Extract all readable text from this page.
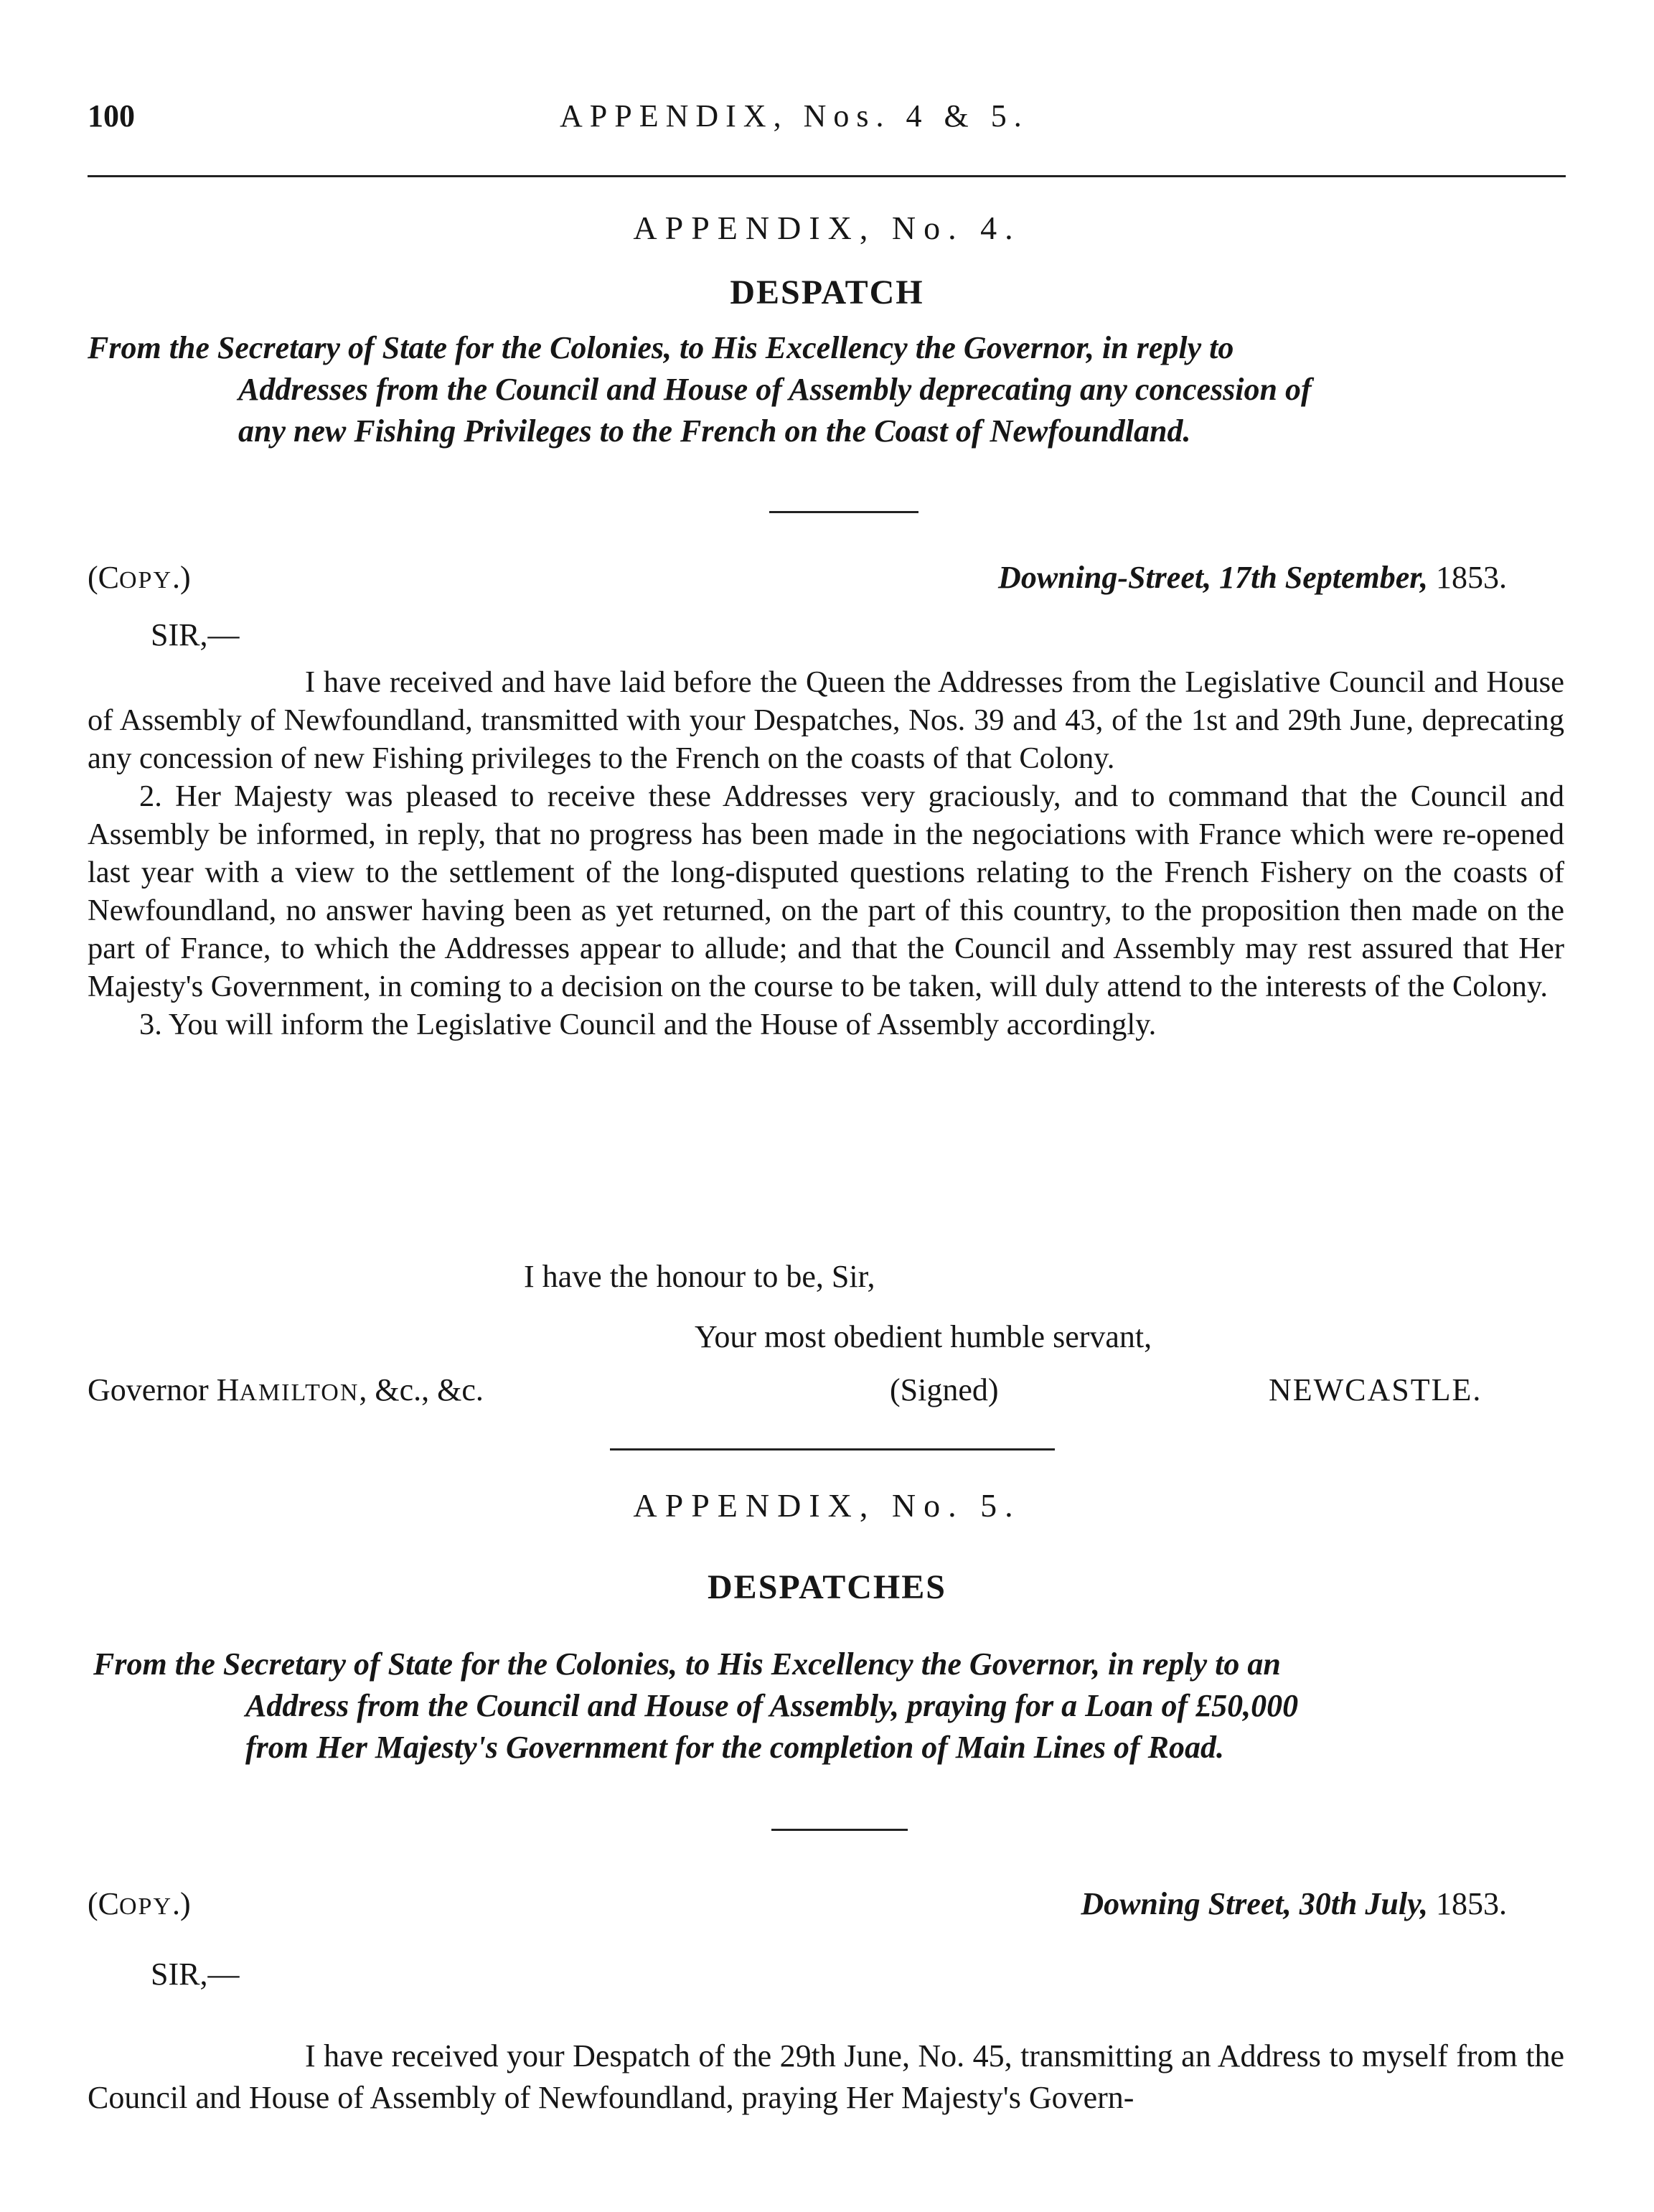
100	APPENDIX, Nos. 4 & 5.
APPENDIX, No. 4.
DESPATCH
From the Secretary of State for the Colonies, to His Excellency the Governor, in reply to
Addresses from the Council and House of Assembly deprecating any concession of
any new Fishing Privileges to the French on the Coast of Newfoundland.
(COPY.)	Downing-Street, 17th September, 1853.
SIR,—

I have received and have laid before the Queen the Addresses from the Legislative Council and House of Assembly of Newfoundland, transmitted with your Despatches, Nos. 39 and 43, of the 1st and 29th June, deprecating any concession of new Fishing privileges to the French on the coasts of that Colony.

2. Her Majesty was pleased to receive these Addresses very graciously, and to command that the Council and Assembly be informed, in reply, that no progress has been made in the negociations with France which were re-opened last year with a view to the settlement of the long-disputed questions relating to the French Fishery on the coasts of Newfoundland, no answer having been as yet returned, on the part of this country, to the proposition then made on the part of France, to which the Addresses appear to allude; and that the Council and Assembly may rest assured that Her Majesty's Government, in coming to a decision on the course to be taken, will duly attend to the interests of the Colony.

3. You will inform the Legislative Council and the House of Assembly accordingly.

I have the honour to be, Sir,
Your most obedient humble servant,
Governor HAMILTON, &c., &c.	(Signed)	NEWCASTLE.
APPENDIX, No. 5.
DESPATCHES
From the Secretary of State for the Colonies, to His Excellency the Governor, in reply to an
Address from the Council and House of Assembly, praying for a Loan of £50,000
from Her Majesty's Government for the completion of Main Lines of Road.
(COPY.)	Downing Street, 30th July, 1853.
SIR,—

I have received your Despatch of the 29th June, No. 45, transmitting an Address to myself from the Council and House of Assembly of Newfoundland, praying Her Majesty's Govern-
